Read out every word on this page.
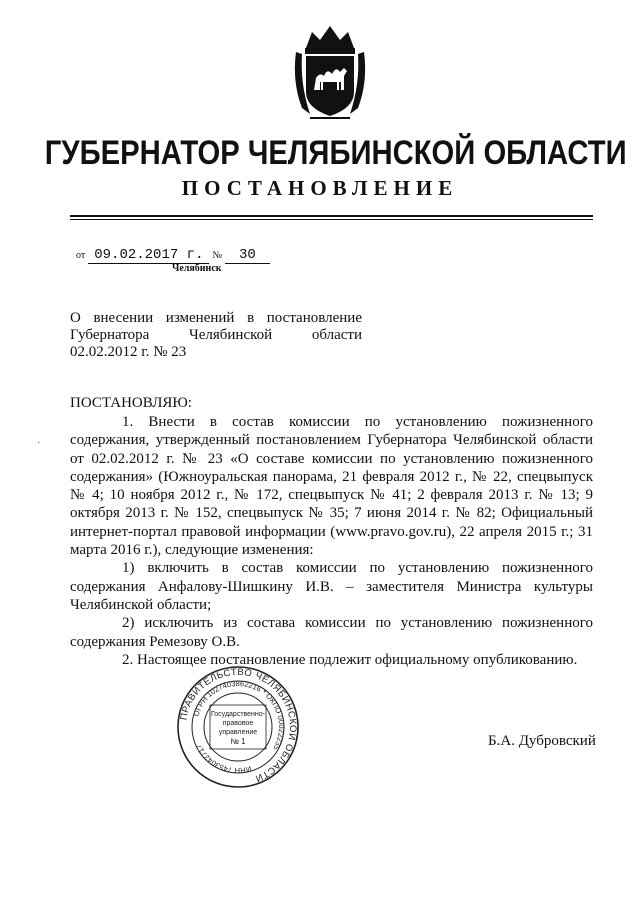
ГУБЕРНАТОР ЧЕЛЯБИНСКОЙ ОБЛАСТИ
ПОСТАНОВЛЕНИЕ
от 09.02.2017 г. № 30
Челябинск
О внесении изменений в постановление
Губернатора Челябинской области
02.02.2012 г. № 23
ПОСТАНОВЛЯЮ:
·

1. Внести в состав комиссии по установлению пожизненного содержания, утвержденный постановлением Губернатора Челябинской области от 02.02.2012 г. № 23 «О составе комиссии по установлению пожизненного содержания» (Южноуральская панорама, 21 февраля 2012 г., № 22, спецвыпуск № 4; 10 ноября 2012 г., № 172, спецвыпуск № 41; 2 февраля 2013 г. № 13; 9 октября 2013 г. № 152, спецвыпуск № 35; 7 июня 2014 г. № 82; Официальный интернет-портал правовой информации (www.pravo.gov.ru), 22 апреля 2015 г.; 31 марта 2016 г.), следующие изменения:

1) включить в состав комиссии по установлению пожизненного содержания Анфалову-Шишкину И.В. – заместителя Министра культуры Челябинской области;

2) исключить из состава комиссии по установлению пожизненного содержания Ремезову О.В.

2. Настоящее постановление подлежит официальному опубликованию.

ПРАВИТЕЛЬСТВО ЧЕЛЯБИНСКОЙ ОБЛАСТИ
ОГРН 1027403862216 * ОКПО 00022235
ИНН 7453042717
Государственно-
правовое
управление
№ 1	Б.А. Дубровский
